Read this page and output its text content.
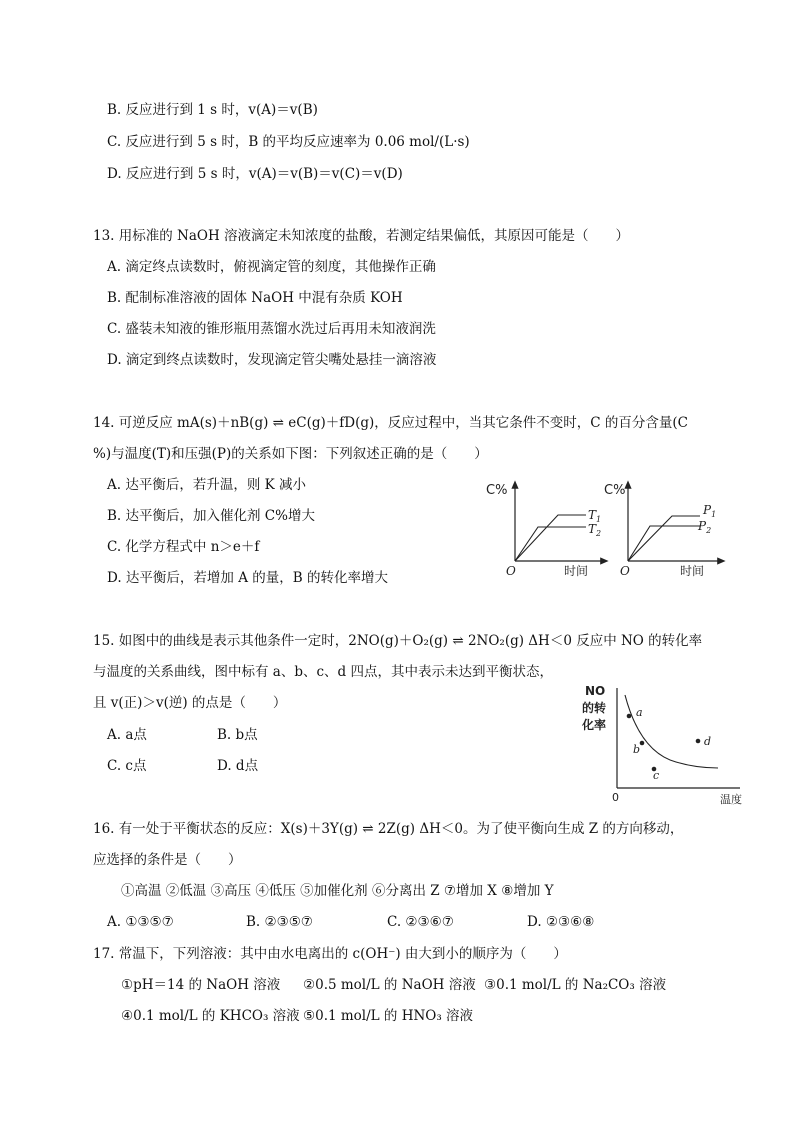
B. 反应进行到 1 s 时，v(A)＝v(B)
C. 反应进行到 5 s 时，B 的平均反应速率为 0.06 mol/(L·s)
D. 反应进行到 5 s 时，v(A)＝v(B)＝v(C)＝v(D)
13. 用标准的 NaOH 溶液滴定未知浓度的盐酸，若测定结果偏低，其原因可能是（　　）
A. 滴定终点读数时，俯视滴定管的刻度，其他操作正确
B. 配制标准溶液的固体 NaOH 中混有杂质 KOH
C. 盛装未知液的锥形瓶用蒸馏水洗过后再用未知液润洗
D. 滴定到终点读数时，发现滴定管尖嘴处悬挂一滴溶液
14. 可逆反应 mA(s)＋nB(g) ⇌ eC(g)＋fD(g)，反应过程中，当其它条件不变时，C 的百分含量(C
%)与温度(T)和压强(P)的关系如下图：下列叙述正确的是（　　）
A. 达平衡后，若升温，则 K 减小
B. 达平衡后，加入催化剂 C%增大
C. 化学方程式中 n＞e＋f
D. 达平衡后，若增加 A 的量，B 的转化率增大
C%
O	时间
$T_1$
$T_2$
C%
O	时间
$P_1$
$P_2$
15. 如图中的曲线是表示其他条件一定时，2NO(g)＋O₂(g) ⇌ 2NO₂(g) ΔH＜0 反应中 NO 的转化率
与温度的关系曲线，图中标有 a、b、c、d 四点，其中表示未达到平衡状态，
且 v(正)＞v(逆) 的点是（　　）
A. a点	B. b点
C. c点	D. d点
NO
的转
化率
0	温度
a
b
c
d
16. 有一处于平衡状态的反应：X(s)＋3Y(g) ⇌ 2Z(g) ΔH＜0。为了使平衡向生成 Z 的方向移动，
应选择的条件是（　　）
①高温 ②低温 ③高压 ④低压 ⑤加催化剂 ⑥分离出 Z ⑦增加 X ⑧增加 Y
A. ①③⑤⑦	B. ②③⑤⑦	C. ②③⑥⑦	D. ②③⑥⑧
17. 常温下，下列溶液：其中由水电离出的 c(OH⁻) 由大到小的顺序为（　　）
①pH＝14 的 NaOH 溶液 ②0.5 mol/L 的 NaOH 溶液 ③0.1 mol/L 的 Na₂CO₃ 溶液
④0.1 mol/L 的 KHCO₃ 溶液 ⑤0.1 mol/L 的 HNO₃ 溶液
